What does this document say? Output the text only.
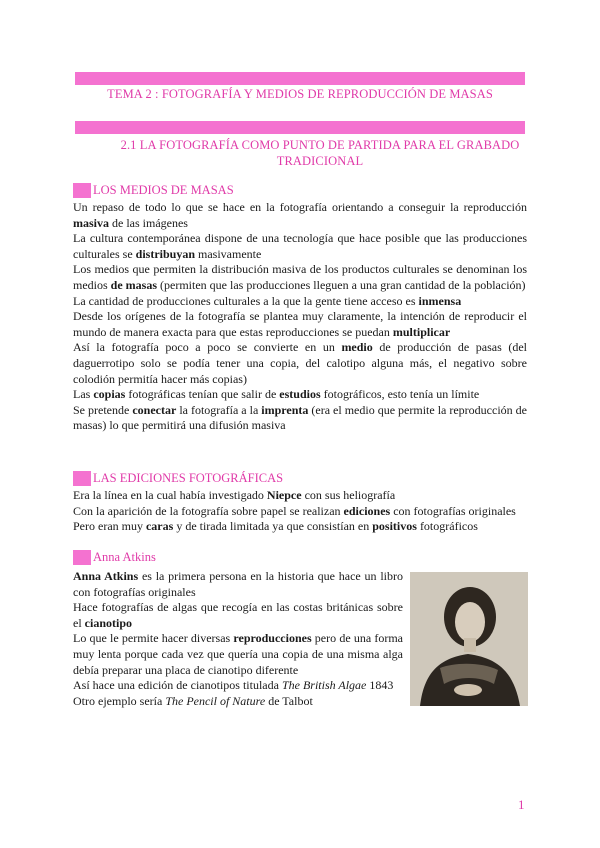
TEMA 2 : FOTOGRAFÍA Y MEDIOS DE REPRODUCCIÓN DE MASAS
2.1 LA FOTOGRAFÍA COMO PUNTO DE PARTIDA PARA EL GRABADO
TRADICIONAL
LOS MEDIOS DE MASAS

Un repaso de todo lo que se hace en la fotografía orientando a conseguir la reproducción masiva de las imágenes

La cultura contemporánea dispone de una tecnología que hace posible que las producciones culturales se distribuyan masivamente

Los medios que permiten la distribución masiva de los productos culturales se denominan los medios de masas (permiten que las producciones lleguen a una gran cantidad de la población)

La cantidad de producciones culturales a la que la gente tiene acceso es inmensa

Desde los orígenes de la fotografía se plantea muy claramente, la intención de reproducir el mundo de manera exacta para que estas reproducciones se puedan multiplicar

Así la fotografía poco a poco se convierte en un medio de producción de pasas (del daguerrotipo solo se podía tener una copia, del calotipo alguna más, el negativo sobre colodión permitía hacer más copias)

Las copias fotográficas tenían que salir de estudios fotográficos, esto tenía un límite

Se pretende conectar la fotografía a la imprenta (era el medio que permite la reproducción de masas) lo que permitirá una difusión masiva

LAS EDICIONES FOTOGRÁFICAS

Era la línea en la cual había investigado Niepce con sus heliografía

Con la aparición de la fotografía sobre papel se realizan ediciones con fotografías originales

Pero eran muy caras y de tirada limitada ya que consistían en positivos fotográficos

Anna Atkins

Anna Atkins es la primera persona en la historia que hace un libro con fotografías originales

Hace fotografías de algas que recogía en las costas británicas sobre el cianotipo

Lo que le permite hacer diversas reproducciones pero de una forma muy lenta porque cada vez que quería una copia de una misma alga debía preparar una placa de cianotipo diferente

Así hace una edición de cianotipos titulada The British Algae 1843

Otro ejemplo sería The Pencil of Nature de Talbot

1
